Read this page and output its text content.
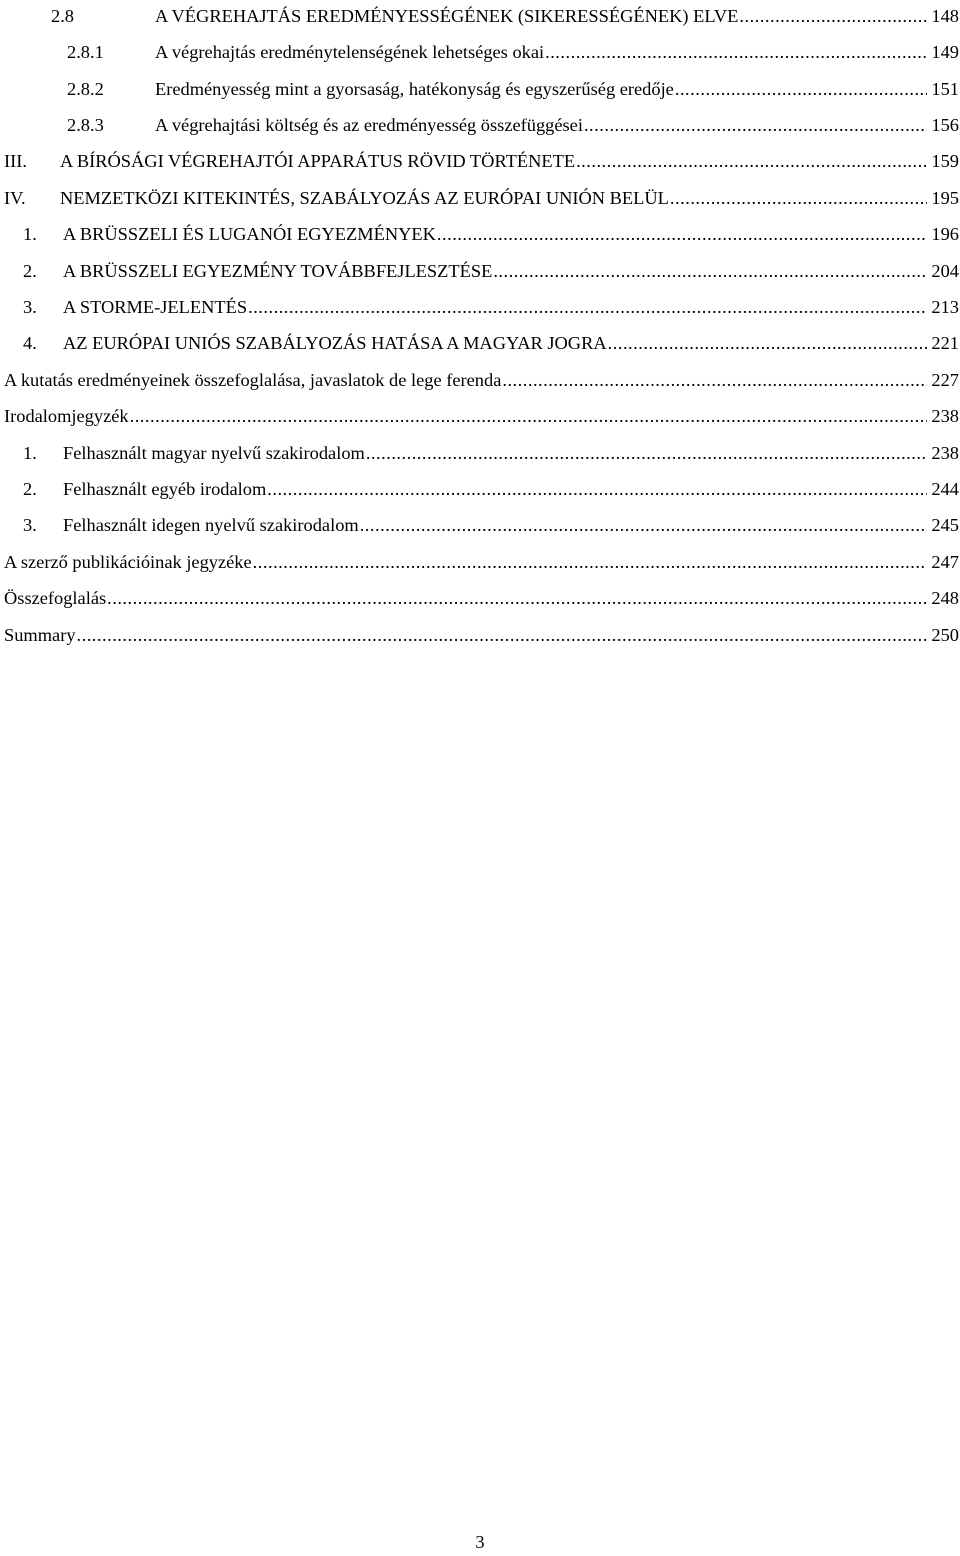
2.8	A VÉGREHAJTÁS EREDMÉNYESSÉGÉNEK (SIKERESSÉGÉNEK) ELVE .....	148
2.8.1	A végrehajtás eredménytelenségének lehetséges okai .....	149
2.8.2	Eredményesség mint a gyorsaság, hatékonyság és egyszerűség eredője .....	151
2.8.3	A végrehajtási költség és az eredményesség összefüggései .....	156
III.	A BÍRÓSÁGI VÉGREHAJTÓI APPARÁTUS RÖVID TÖRTÉNETE .....	159
IV.	NEMZETKÖZI KITEKINTÉS, SZABÁLYOZÁS AZ EURÓPAI UNIÓN BELÜL .....	195
1.	A BRÜSSZELI ÉS LUGANÓI EGYEZMÉNYEK .....	196
2.	A BRÜSSZELI EGYEZMÉNY TOVÁBBFEJLESZTÉSE .....	204
3.	A STORME-JELENTÉS .....	213
4.	AZ EURÓPAI UNIÓS SZABÁLYOZÁS HATÁSA A MAGYAR JOGRA .....	221
A kutatás eredményeinek összefoglalása, javaslatok de lege ferenda .....	227
Irodalomjegyzék .....	238
1.	Felhasznált magyar nyelvű szakirodalom .....	238
2.	Felhasznált egyéb irodalom .....	244
3.	Felhasznált idegen nyelvű szakirodalom .....	245
A szerző publikációinak jegyzéke .....	247
Összefoglalás .....	248
Summary .....	250
3
